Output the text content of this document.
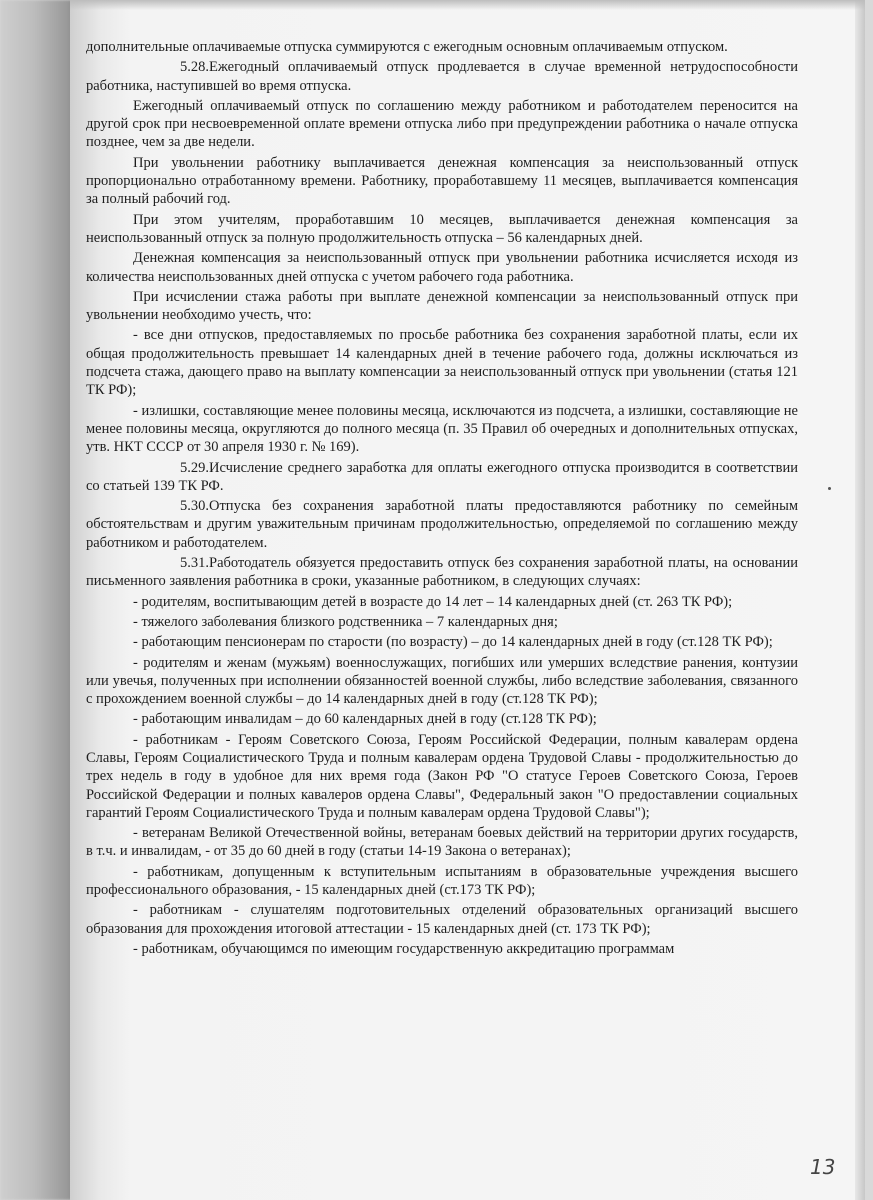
дополнительные оплачиваемые отпуска суммируются с ежегодным основным оплачиваемым отпуском.

5.28.Ежегодный оплачиваемый отпуск продлевается в случае временной нетрудоспособности работника, наступившей во время отпуска.

Ежегодный оплачиваемый отпуск по соглашению между работником и работодателем переносится на другой срок при несвоевременной оплате времени отпуска либо при предупреждении работника о начале отпуска позднее, чем за две недели.

При увольнении работнику выплачивается денежная компенсация за неиспользованный отпуск пропорционально отработанному времени. Работнику, проработавшему 11 месяцев, выплачивается компенсация за полный рабочий год.

При этом учителям, проработавшим 10 месяцев, выплачивается денежная компенсация за неиспользованный отпуск за полную продолжительность отпуска – 56 календарных дней.

Денежная компенсация за неиспользованный отпуск при увольнении работника исчисляется исходя из количества неиспользованных дней отпуска с учетом рабочего года работника.

При исчислении стажа работы при выплате денежной компенсации за неиспользованный отпуск при увольнении необходимо учесть, что:

- все дни отпусков, предоставляемых по просьбе работника без сохранения заработной платы, если их общая продолжительность превышает 14 календарных дней в течение рабочего года, должны исключаться из подсчета стажа, дающего право на выплату компенсации за неиспользованный отпуск при увольнении (статья 121 ТК РФ);

- излишки, составляющие менее половины месяца, исключаются из подсчета, а излишки, составляющие не менее половины месяца, округляются до полного месяца (п. 35 Правил об очередных и дополнительных отпусках, утв. НКТ СССР от 30 апреля 1930 г. № 169).

5.29.Исчисление среднего заработка для оплаты ежегодного отпуска производится в соответствии со статьей 139 ТК РФ.

5.30.Отпуска без сохранения заработной платы предоставляются работнику по семейным обстоятельствам и другим уважительным причинам продолжительностью, определяемой по соглашению между работником и работодателем.

5.31.Работодатель обязуется предоставить отпуск без сохранения заработной платы, на основании письменного заявления работника в сроки, указанные работником, в следующих случаях:

- родителям, воспитывающим детей в возрасте до 14 лет – 14 календарных дней (ст. 263 ТК РФ);

- тяжелого заболевания близкого родственника – 7 календарных дня;

- работающим пенсионерам по старости (по возрасту) – до 14 календарных дней в году (ст.128 ТК РФ);

- родителям и женам (мужьям) военнослужащих, погибших или умерших вследствие ранения, контузии или увечья, полученных при исполнении обязанностей военной службы, либо вследствие заболевания, связанного с прохождением военной службы – до 14 календарных дней в году (ст.128 ТК РФ);

- работающим инвалидам – до 60 календарных дней в году (ст.128 ТК РФ);

- работникам - Героям Советского Союза, Героям Российской Федерации, полным кавалерам ордена Славы, Героям Социалистического Труда и полным кавалерам ордена Трудовой Славы - продолжительностью до трех недель в году в удобное для них время года (Закон РФ "О статусе Героев Советского Союза, Героев Российской Федерации и полных кавалеров ордена Славы", Федеральный закон "О предоставлении социальных гарантий Героям Социалистического Труда и полным кавалерам ордена Трудовой Славы");

- ветеранам Великой Отечественной войны, ветеранам боевых действий на территории других государств, в т.ч. и инвалидам, - от 35 до 60 дней в году (статьи 14-19 Закона о ветеранах);

- работникам, допущенным к вступительным испытаниям в образовательные учреждения высшего профессионального образования, - 15 календарных дней (ст.173 ТК РФ);

- работникам - слушателям подготовительных отделений образовательных организаций высшего образования для прохождения итоговой аттестации - 15 календарных дней (ст. 173 ТК РФ);

- работникам, обучающимся по имеющим государственную аккредитацию программам

13
